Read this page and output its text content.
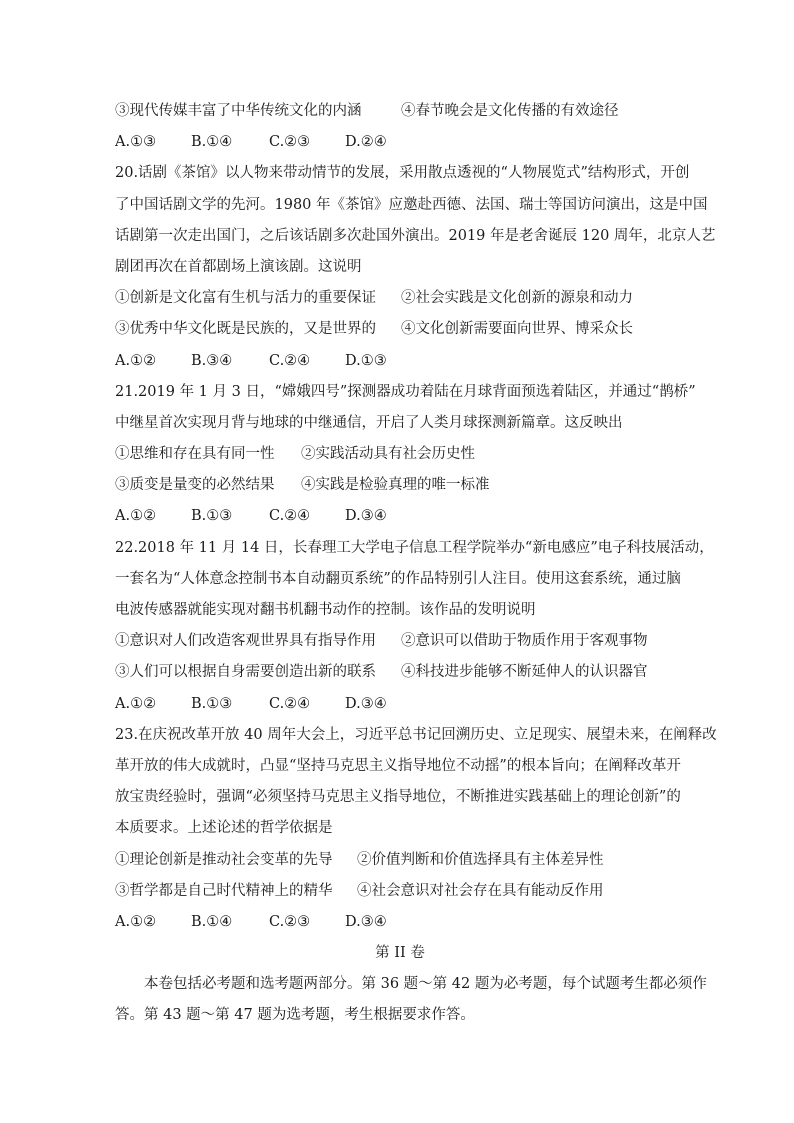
③现代传媒丰富了中华传统文化的内涵	④春节晚会是文化传播的有效途径
A.①③ B.①④	C.②③ D.②④
20.话剧《茶馆》以人物来带动情节的发展，采用散点透视的“人物展览式”结构形式，开创
了中国话剧文学的先河。1980 年《茶馆》应邀赴西德、法国、瑞士等国访问演出，这是中国
话剧第一次走出国门，之后该话剧多次赴国外演出。2019 年是老舍诞辰 120 周年，北京人艺
剧团再次在首都剧场上演该剧。这说明
①创新是文化富有生机与活力的重要保证 ②社会实践是文化创新的源泉和动力
③优秀中华文化既是民族的，又是世界的 ④文化创新需要面向世界、博采众长
A.①② B.③④	C.②④ D.①③
21.2019 年 1 月 3 日，“嫦娥四号”探测器成功着陆在月球背面预选着陆区，并通过“鹊桥”
中继星首次实现月背与地球的中继通信，开启了人类月球探测新篇章。这反映出
①思维和存在具有同一性 ②实践活动具有社会历史性
③质变是量变的必然结果 ④实践是检验真理的唯一标准
A.①② B.①③	C.②④ D.③④
22.2018 年 11 月 14 日，长春理工大学电子信息工程学院举办“新电感应”电子科技展活动，
一套名为“人体意念控制书本自动翻页系统”的作品特别引人注目。使用这套系统，通过脑
电波传感器就能实现对翻书机翻书动作的控制。该作品的发明说明
①意识对人们改造客观世界具有指导作用 ②意识可以借助于物质作用于客观事物
③人们可以根据自身需要创造出新的联系 ④科技进步能够不断延伸人的认识器官
A.①② B.①③	C.②④ D.③④
23.在庆祝改革开放 40 周年大会上，习近平总书记回溯历史、立足现实、展望未来，在阐释改
革开放的伟大成就时，凸显“坚持马克思主义指导地位不动摇”的根本旨向；在阐释改革开
放宝贵经验时，强调“必须坚持马克思主义指导地位，不断推进实践基础上的理论创新”的
本质要求。上述论述的哲学依据是
①理论创新是推动社会变革的先导 ②价值判断和价值选择具有主体差异性
③哲学都是自己时代精神上的精华 ④社会意识对社会存在具有能动反作用
A.①② B.①④	C.②③ D.③④
第 II 卷
本卷包括必考题和选考题两部分。第 36 题～第 42 题为必考题，每个试题考生都必须作
答。第 43 题～第 47 题为选考题，考生根据要求作答。
